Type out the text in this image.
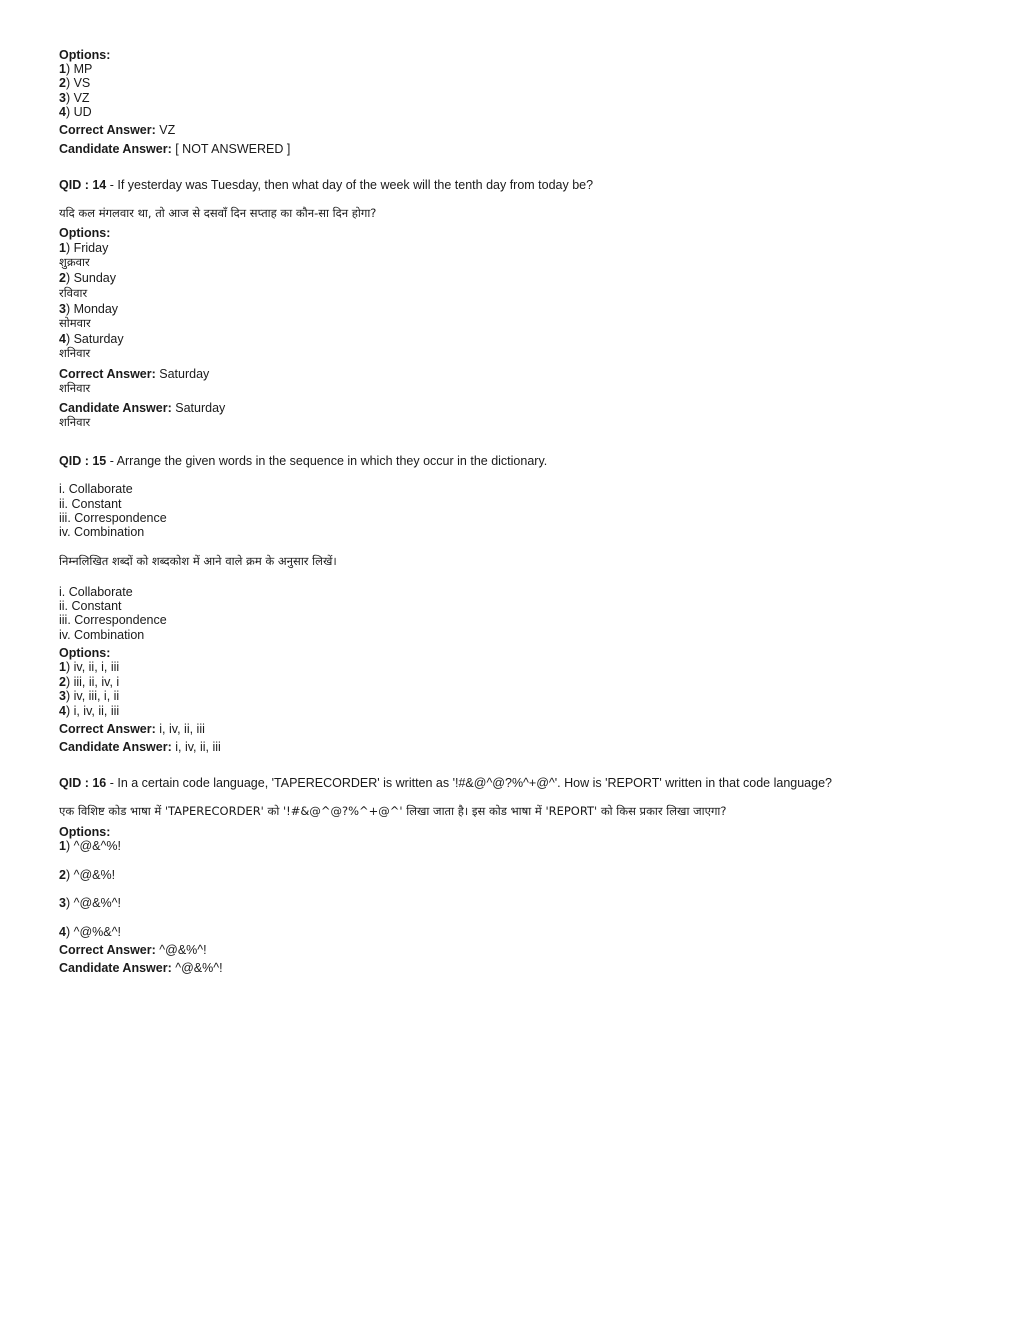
Options:
1) MP
2) VS
3) VZ
4) UD
Correct Answer: VZ
Candidate Answer: [ NOT ANSWERED ]
QID : 14 - If yesterday was Tuesday, then what day of the week will the tenth day from today be?
यदि कल मंगलवार था, तो आज से दसवाँ दिन सप्ताह का कौन-सा दिन होगा?
Options:
1) Friday
शुक्रवार
2) Sunday
रविवार
3) Monday
सोमवार
4) Saturday
शनिवार
Correct Answer: Saturday
शनिवार
Candidate Answer: Saturday
शनिवार
QID : 15 - Arrange the given words in the sequence in which they occur in the dictionary.
i. Collaborate
ii. Constant
iii. Correspondence
iv. Combination
निम्नलिखित शब्दों को शब्दकोश में आने वाले क्रम के अनुसार लिखें।
i. Collaborate
ii. Constant
iii. Correspondence
iv. Combination
Options:
1) iv, ii, i, iii
2) iii, ii, iv, i
3) iv, iii, i, ii
4) i, iv, ii, iii
Correct Answer: i, iv, ii, iii
Candidate Answer: i, iv, ii, iii
QID : 16 - In a certain code language, 'TAPERECORDER' is written as '!#&@^@?%^+@^'. How is 'REPORT' written in that code language?
एक विशिष्ट कोड भाषा में 'TAPERECORDER' को '!#&@^@?%^+@^' लिखा जाता है। इस कोड भाषा में 'REPORT' को किस प्रकार लिखा जाएगा?
Options:
1) ^@&^%!
2) ^@&%!
3) ^@&%^!
4) ^@%&^!
Correct Answer: ^@&%^!
Candidate Answer: ^@&%^!
